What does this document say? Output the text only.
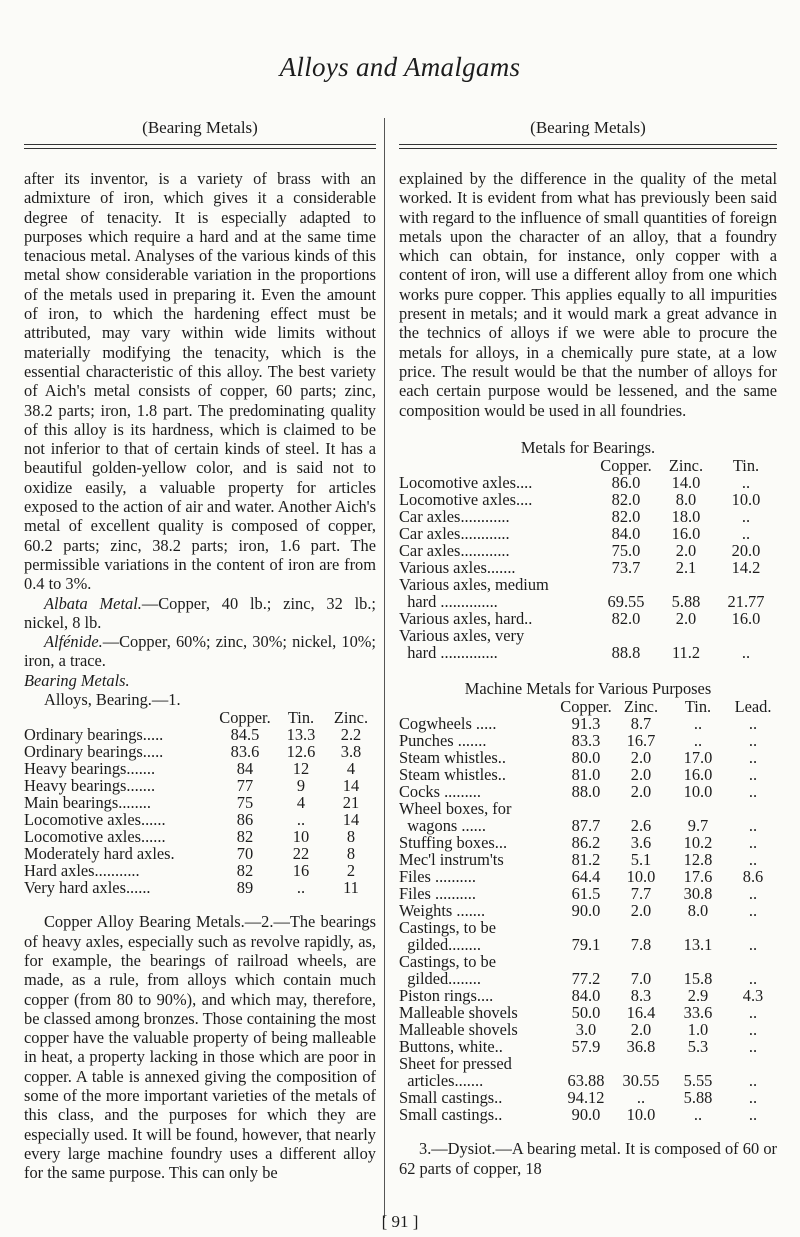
Alloys and Amalgams
(Bearing Metals)

after its inventor, is a variety of brass with an admixture of iron, which gives it a considerable degree of tenacity. It is especially adapted to purposes which require a hard and at the same time tenacious metal. Analyses of the various kinds of this metal show considerable variation in the proportions of the metals used in preparing it. Even the amount of iron, to which the hardening effect must be attributed, may vary within wide limits without materially modifying the tenacity, which is the essential characteristic of this alloy. The best variety of Aich's metal consists of copper, 60 parts; zinc, 38.2 parts; iron, 1.8 part. The predominating quality of this alloy is its hardness, which is claimed to be not inferior to that of certain kinds of steel. It has a beautiful golden-yellow color, and is said not to oxidize easily, a valuable property for articles exposed to the action of air and water. Another Aich's metal of excellent quality is composed of copper, 60.2 parts; zinc, 38.2 parts; iron, 1.6 part. The permissible variations in the content of iron are from 0.4 to 3%.

Albata Metal.—Copper, 40 lb.; zinc, 32 lb.; nickel, 8 lb.

Alfénide.—Copper, 60%; zinc, 30%; nickel, 10%; iron, a trace.

Bearing Metals.
Alloys, Bearing.—1.
	Copper.	Tin.	Zinc.
Ordinary bearings.....	84.5	13.3	2.2
Ordinary bearings.....	83.6	12.6	3.8
Heavy bearings.......	84	12	4
Heavy bearings.......	77	9	14
Main bearings........	75	4	21
Locomotive axles......	86	..	14
Locomotive axles......	82	10	8
Moderately hard axles.	70	22	8
Hard axles...........	82	16	2
Very hard axles......	89	..	11

Copper Alloy Bearing Metals.—2.—The bearings of heavy axles, especially such as revolve rapidly, as, for example, the bearings of railroad wheels, are made, as a rule, from alloys which contain much copper (from 80 to 90%), and which may, therefore, be classed among bronzes. Those containing the most copper have the valuable property of being malleable in heat, a property lacking in those which are poor in copper. A table is annexed giving the composition of some of the more important varieties of the metals of this class, and the purposes for which they are especially used. It will be found, however, that nearly every large machine foundry uses a different alloy for the same purpose. This can only be

(Bearing Metals)

explained by the difference in the quality of the metal worked. It is evident from what has previously been said with regard to the influence of small quantities of foreign metals upon the character of an alloy, that a foundry which can obtain, for instance, only copper with a content of iron, will use a different alloy from one which works pure copper. This applies equally to all impurities present in metals; and it would mark a great advance in the technics of alloys if we were able to procure the metals for alloys, in a chemically pure state, at a low price. The result would be that the number of alloys for each certain purpose would be lessened, and the same composition would be used in all foundries.

Metals for Bearings.
	Copper.	Zinc.	Tin.
Locomotive axles....	86.0	14.0	..
Locomotive axles....	82.0	8.0	10.0
Car axles............	82.0	18.0	..
Car axles............	84.0	16.0	..
Car axles............	75.0	2.0	20.0
Various axles.......	73.7	2.1	14.2
Various axles, medium			
hard ..............	69.55	5.88	21.77
Various axles, hard..	82.0	2.0	16.0
Various axles, very			
hard ..............	88.8	11.2	..
Machine Metals for Various Purposes
	Copper.	Zinc.	Tin.	Lead.
Cogwheels .....	91.3	8.7	..	..
Punches .......	83.3	16.7	..	..
Steam whistles..	80.0	2.0	17.0	..
Steam whistles..	81.0	2.0	16.0	..
Cocks .........	88.0	2.0	10.0	..
Wheel boxes, for				
wagons ......	87.7	2.6	9.7	..
Stuffing boxes...	86.2	3.6	10.2	..
Mec'l instrum'ts	81.2	5.1	12.8	..
Files ..........	64.4	10.0	17.6	8.6
Files ..........	61.5	7.7	30.8	..
Weights .......	90.0	2.0	8.0	..
Castings, to be				
gilded........	79.1	7.8	13.1	..
Castings, to be				
gilded........	77.2	7.0	15.8	..
Piston rings....	84.0	8.3	2.9	4.3
Malleable shovels	50.0	16.4	33.6	..
Malleable shovels	3.0	2.0	1.0	..
Buttons, white..	57.9	36.8	5.3	..
Sheet for pressed				
articles.......	63.88	30.55	5.55	..
Small castings..	94.12	..	5.88	..
Small castings..	90.0	10.0	..	..

3.—Dysiot.—A bearing metal. It is composed of 60 or 62 parts of copper, 18

[ 91 ]
